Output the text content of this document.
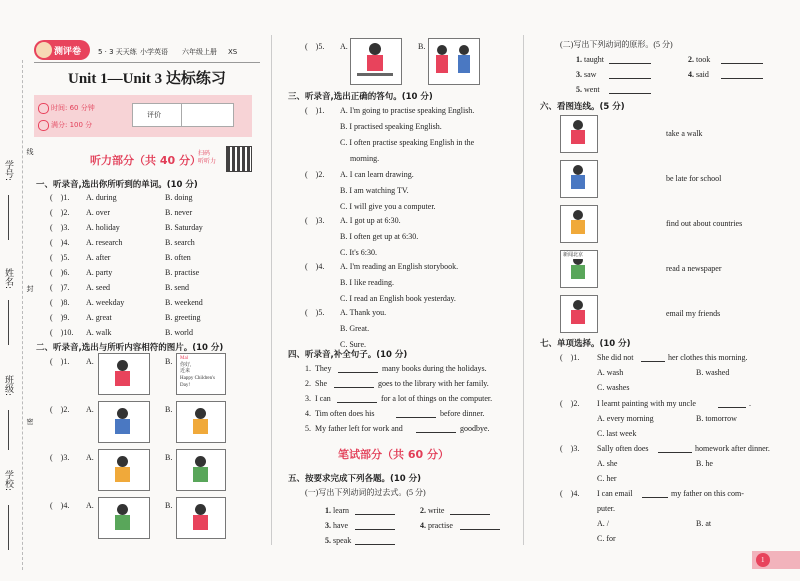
学号:
姓名:
班级:
学校:
线
封
密
测评卷 5 · 3 天天练 小学英语 六年级上册 XS
Unit 1—Unit 3 达标练习
时间: 60 分钟
满分: 100 分
评价
听力部分（共 40 分）
扫码
听听力
一、听录音,选出你所听到的单词。(10 分)
二、听录音,选出与所听内容相符的图片。(10 分)
(    )5. A.	B.
三、听录音,选出正确的答句。(10 分)
四、听录音,补全句子。(10 分)
笔试部分（共 60 分）
五、按要求完成下列各题。(10 分)
(一)写出下列动词的过去式。(5 分)
(二)写出下列动词的原形。(5 分)
六、看图连线。(5 分)
七、单项选择。(10 分)
1
(    )1. A. during	B. doing
(    )2. A. over	B. never
(    )3. A. holiday	B. Saturday
(    )4. A. research	B. search
(    )5. A. after	B. often
(    )6. A. party	B. practise
(    )7. A. seed	B. send
(    )8. A. weekday	B. weekend
(    )9. A. great	B. greeting
(    )10. A. walk	B. world
(    )1. A.	B.
(    )2. A.	B.
(    )3. A.	B.
(    )4. A.	B.
Mal
你好,
近来
Happy Children's
Day!
(    )1. A. I'm going to practise speaking English.
B. I practised speaking English.
C. I often practise speaking English in the
morning.
(    )2. A. I can learn drawing.
B. I am watching TV.
C. I will give you a computer.
(    )3. A. I got up at 6:30.
B. I often get up at 6:30.
C. It's 6:30.
(    )4. A. I'm reading an English storybook.
B. I like reading.
C. I read an English book yesterday.
(    )5. A. Thank you.
B. Great.
C. Sure.
1. They	many books during the holidays.
2. She	goes to the library with her family.
3. I can	for a lot of things on the computer.
4. Tim often does his	before dinner.
5. My father left for work and	goodbye.
1. learn	2. write
3. have	4. practise
5. speak
1. taught	2. took
3. saw	4. said
5. went
take a walk
be late for school
find out about countries
新闻北京
read a newspaper
email my friends
(    )1. She did not	her clothes this morning.
A. wash	B. washed
C. washes
(    )2. I learnt painting with my uncle	.
A. every morning	B. tomorrow
C. last week
(    )3. Sally often does	homework after dinner.
A. she	B. he
C. her
(    )4. I can email	my father on this com-
puter.
A. /	B. at
C. for
